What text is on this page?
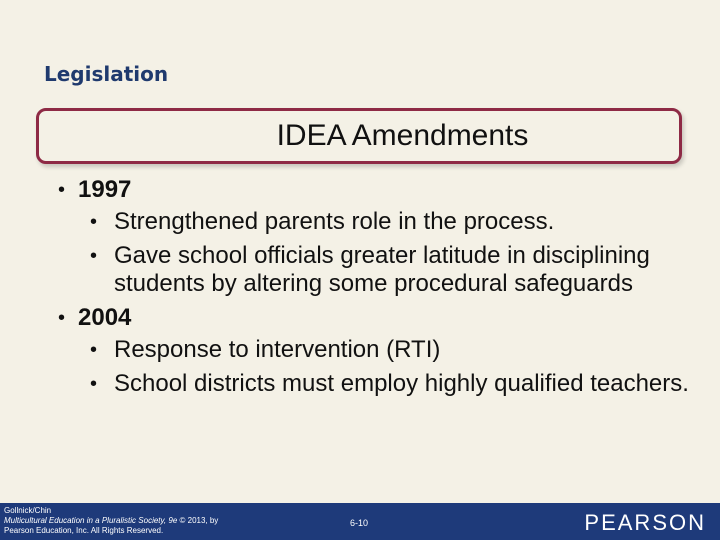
Legislation
IDEA Amendments
• 1997
• Strengthened parents role in the process.
• Gave school officials greater latitude in disciplining students by altering some procedural safeguards
• 2004
• Response to intervention (RTI)
• School districts must employ highly qualified teachers.
Gollnick/Chin
Multicultural Education in a Pluralistic Society, 9e © 2013, by
Pearson Education, Inc. All Rights Reserved.
6-10	PEARSON
